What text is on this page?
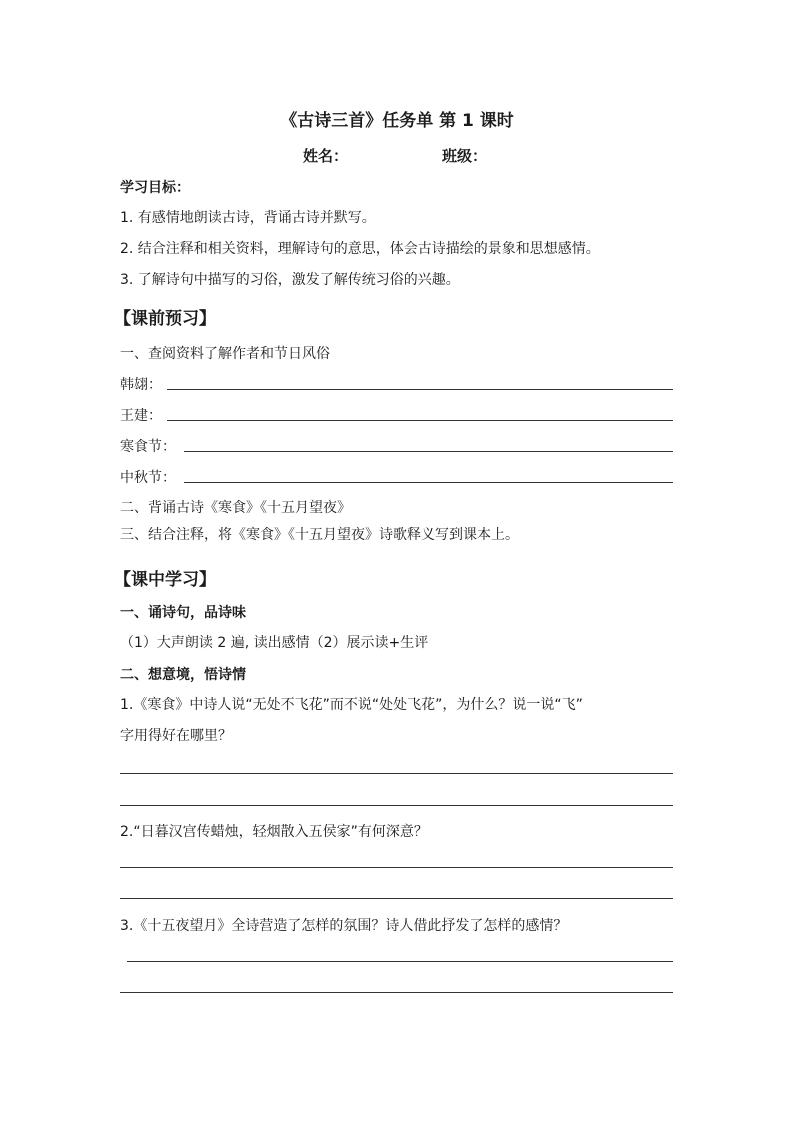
《古诗三首》任务单 第 1 课时
姓名：	班级：
学习目标：
1. 有感情地朗读古诗，背诵古诗并默写。
2. 结合注释和相关资料，理解诗句的意思，体会古诗描绘的景象和思想感情。
3. 了解诗句中描写的习俗，激发了解传统习俗的兴趣。
【课前预习】
一、查阅资料了解作者和节日风俗
韩翃：
王建：
寒食节：
中秋节：
二、背诵古诗《寒食》《十五月望夜》
三、结合注释，将《寒食》《十五月望夜》诗歌释义写到课本上。
【课中学习】
一、诵诗句，品诗味
（1）大声朗读 2 遍, 读出感情（2）展示读+生评
二、想意境，悟诗情
1.《寒食》中诗人说“无处不飞花”而不说“处处飞花”，为什么？说一说“飞”
字用得好在哪里？
2.“日暮汉宫传蜡烛，轻烟散入五侯家”有何深意？
3.《十五夜望月》全诗营造了怎样的氛围？诗人借此抒发了怎样的感情？
